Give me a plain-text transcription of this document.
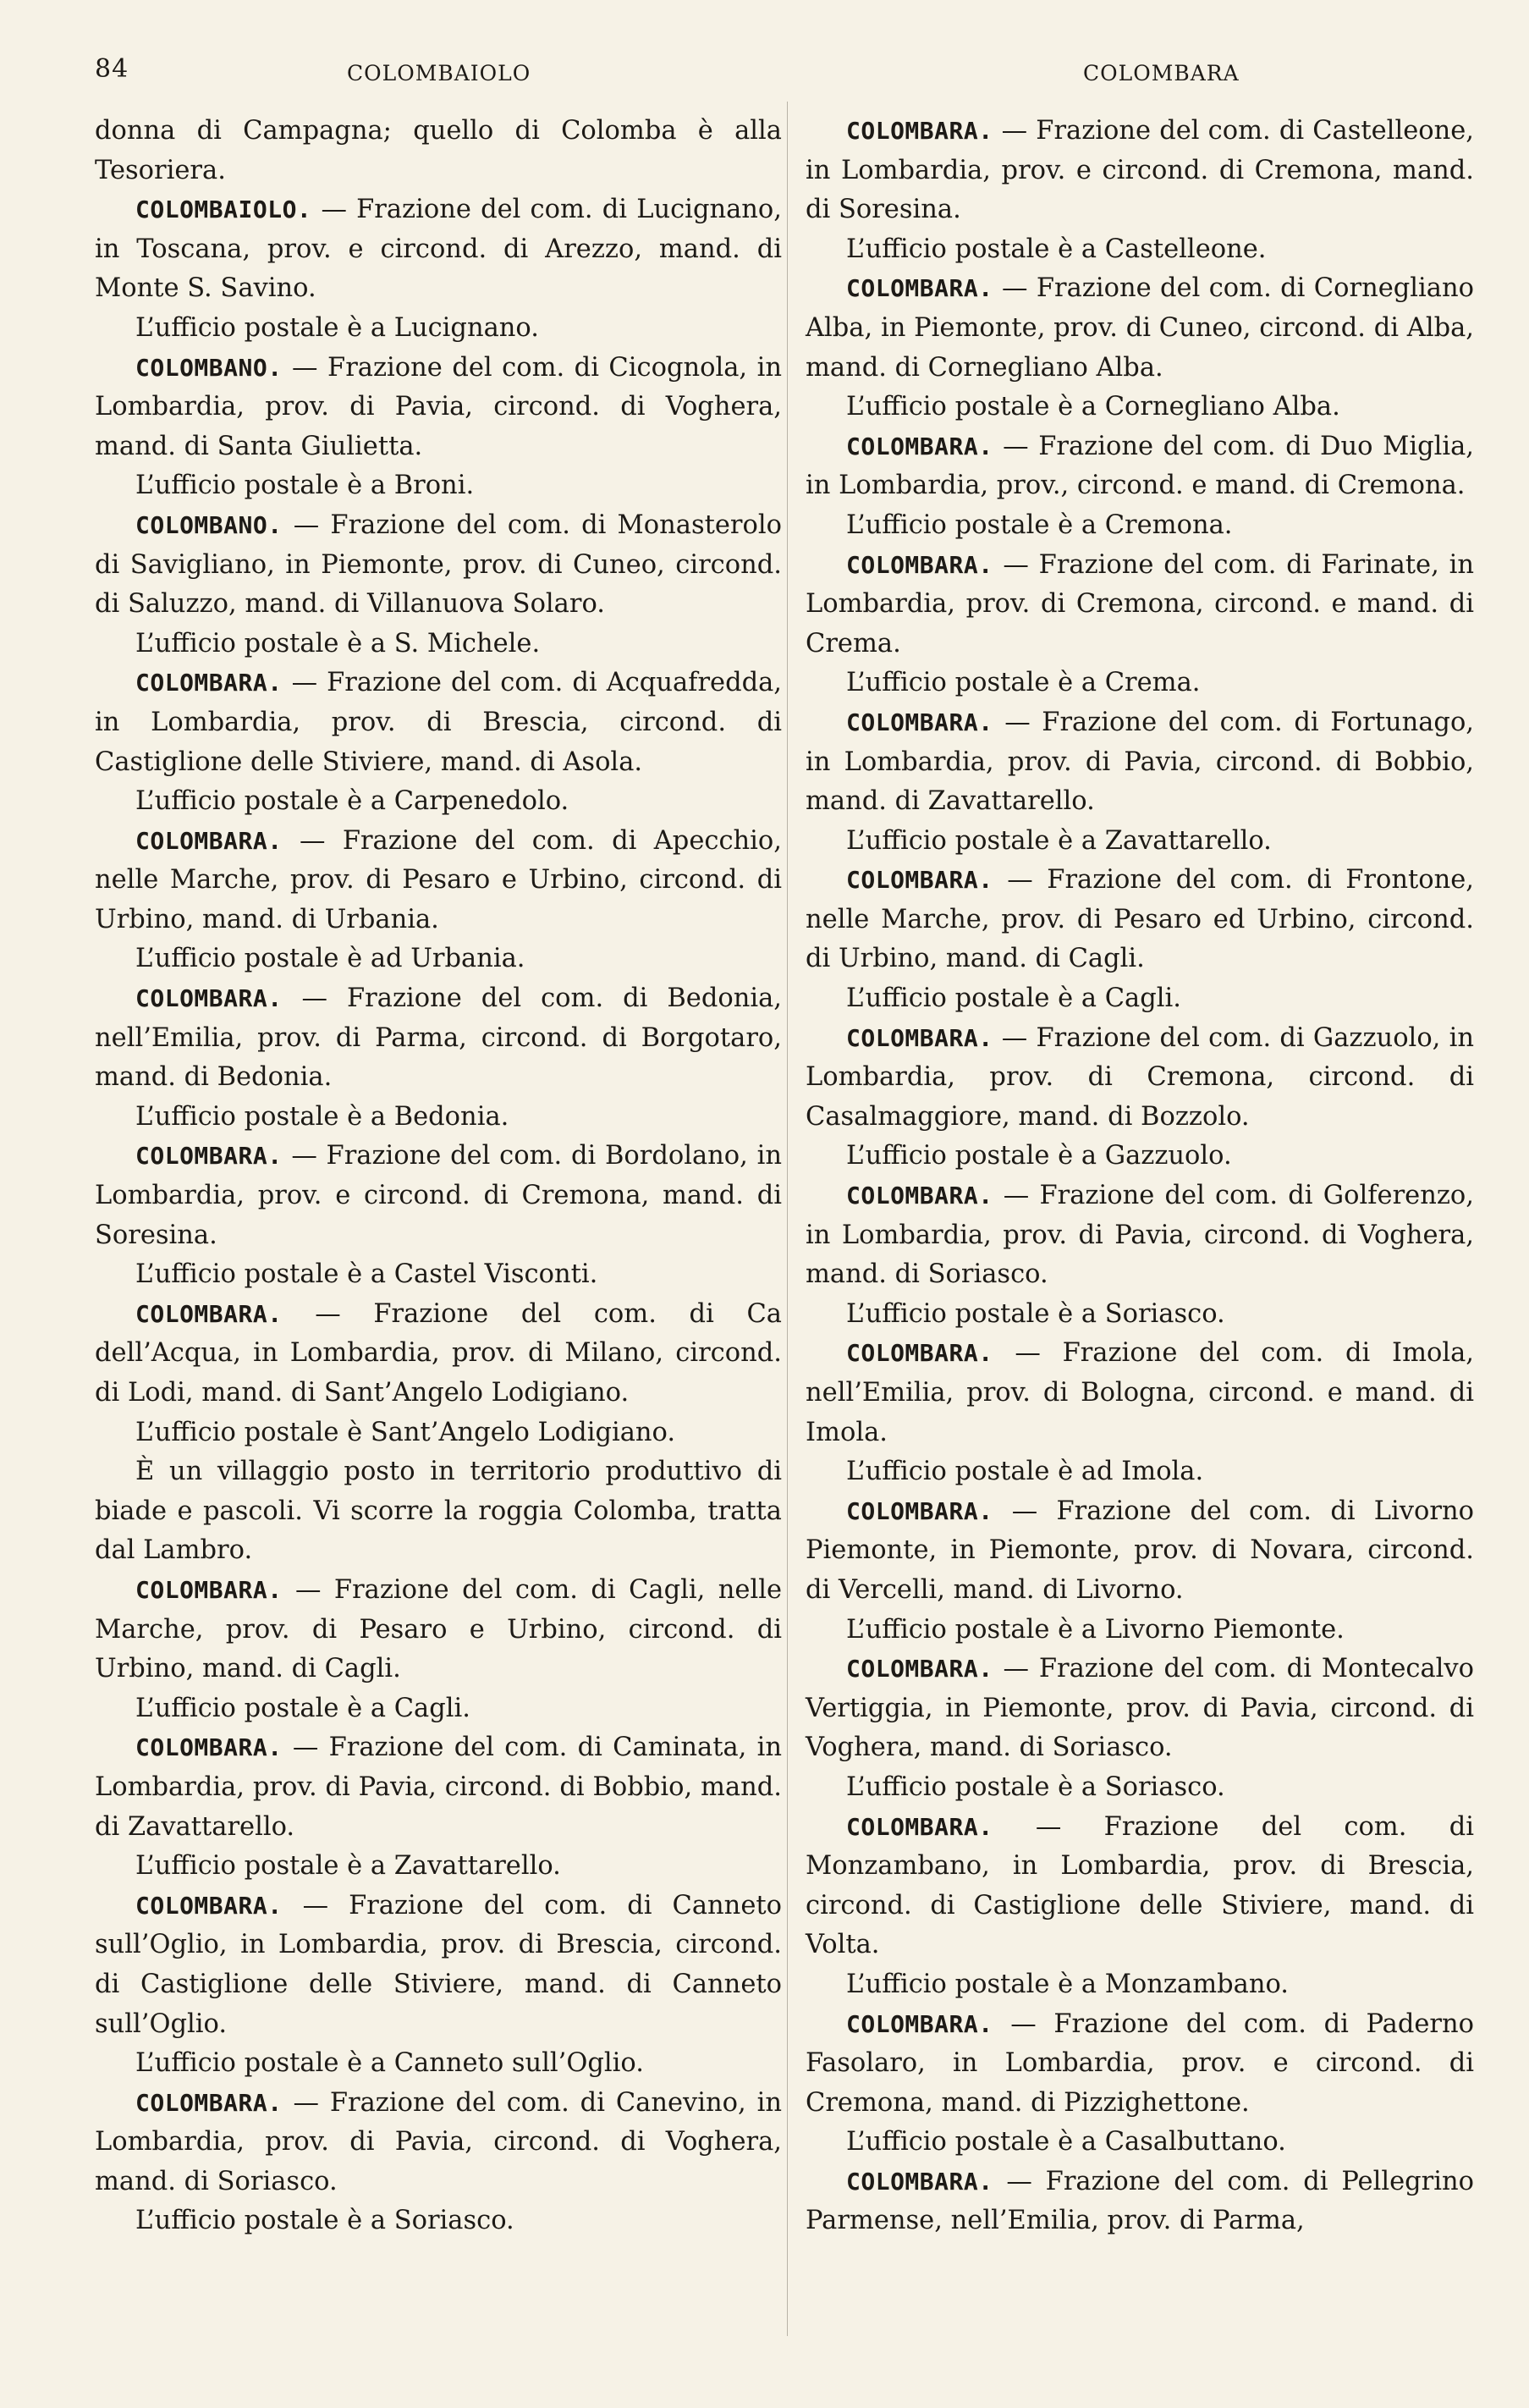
84	COLOMBAIOLO	COLOMBARA

donna di Campagna; quello di Colomba è alla Tesoriera.

COLOMBAIOLO. — Frazione del com. di Lucignano, in Toscana, prov. e circond. di Arezzo, mand. di Monte S. Savino.

L’ufficio postale è a Lucignano.

COLOMBANO. — Frazione del com. di Cicognola, in Lombardia, prov. di Pavia, circond. di Voghera, mand. di Santa Giulietta.

L’ufficio postale è a Broni.

COLOMBANO. — Frazione del com. di Monasterolo di Savigliano, in Piemonte, prov. di Cuneo, circond. di Saluzzo, mand. di Villanuova Solaro.

L’ufficio postale è a S. Michele.

COLOMBARA. — Frazione del com. di Acquafredda, in Lombardia, prov. di Brescia, circond. di Castiglione delle Stiviere, mand. di Asola.

L’ufficio postale è a Carpenedolo.

COLOMBARA. — Frazione del com. di Apecchio, nelle Marche, prov. di Pesaro e Urbino, circond. di Urbino, mand. di Urbania.

L’ufficio postale è ad Urbania.

COLOMBARA. — Frazione del com. di Bedonia, nell’Emilia, prov. di Parma, circond. di Borgotaro, mand. di Bedonia.

L’ufficio postale è a Bedonia.

COLOMBARA. — Frazione del com. di Bordolano, in Lombardia, prov. e circond. di Cremona, mand. di Soresina.

L’ufficio postale è a Castel Visconti.

COLOMBARA. — Frazione del com. di Ca dell’Acqua, in Lombardia, prov. di Milano, circond. di Lodi, mand. di Sant’Angelo Lodigiano.

L’ufficio postale è Sant’Angelo Lodigiano.

È un villaggio posto in territorio produttivo di biade e pascoli. Vi scorre la roggia Colomba, tratta dal Lambro.

COLOMBARA. — Frazione del com. di Cagli, nelle Marche, prov. di Pesaro e Urbino, circond. di Urbino, mand. di Cagli.

L’ufficio postale è a Cagli.

COLOMBARA. — Frazione del com. di Caminata, in Lombardia, prov. di Pavia, circond. di Bobbio, mand. di Zavattarello.

L’ufficio postale è a Zavattarello.

COLOMBARA. — Frazione del com. di Canneto sull’Oglio, in Lombardia, prov. di Brescia, circond. di Castiglione delle Stiviere, mand. di Canneto sull’Oglio.

L’ufficio postale è a Canneto sull’Oglio.

COLOMBARA. — Frazione del com. di Canevino, in Lombardia, prov. di Pavia, circond. di Voghera, mand. di Soriasco.

L’ufficio postale è a Soriasco.

COLOMBARA. — Frazione del com. di Castelleone, in Lombardia, prov. e circond. di Cremona, mand. di Soresina.

L’ufficio postale è a Castelleone.

COLOMBARA. — Frazione del com. di Cornegliano Alba, in Piemonte, prov. di Cuneo, circond. di Alba, mand. di Cornegliano Alba.

L’ufficio postale è a Cornegliano Alba.

COLOMBARA. — Frazione del com. di Duo Miglia, in Lombardia, prov., circond. e mand. di Cremona.

L’ufficio postale è a Cremona.

COLOMBARA. — Frazione del com. di Farinate, in Lombardia, prov. di Cremona, circond. e mand. di Crema.

L’ufficio postale è a Crema.

COLOMBARA. — Frazione del com. di Fortunago, in Lombardia, prov. di Pavia, circond. di Bobbio, mand. di Zavattarello.

L’ufficio postale è a Zavattarello.

COLOMBARA. — Frazione del com. di Frontone, nelle Marche, prov. di Pesaro ed Urbino, circond. di Urbino, mand. di Cagli.

L’ufficio postale è a Cagli.

COLOMBARA. — Frazione del com. di Gazzuolo, in Lombardia, prov. di Cremona, circond. di Casalmaggiore, mand. di Bozzolo.

L’ufficio postale è a Gazzuolo.

COLOMBARA. — Frazione del com. di Golferenzo, in Lombardia, prov. di Pavia, circond. di Voghera, mand. di Soriasco.

L’ufficio postale è a Soriasco.

COLOMBARA. — Frazione del com. di Imola, nell’Emilia, prov. di Bologna, circond. e mand. di Imola.

L’ufficio postale è ad Imola.

COLOMBARA. — Frazione del com. di Livorno Piemonte, in Piemonte, prov. di Novara, circond. di Vercelli, mand. di Livorno.

L’ufficio postale è a Livorno Piemonte.

COLOMBARA. — Frazione del com. di Montecalvo Vertiggia, in Piemonte, prov. di Pavia, circond. di Voghera, mand. di Soriasco.

L’ufficio postale è a Soriasco.

COLOMBARA. — Frazione del com. di Monzambano, in Lombardia, prov. di Brescia, circond. di Castiglione delle Stiviere, mand. di Volta.

L’ufficio postale è a Monzambano.

COLOMBARA. — Frazione del com. di Paderno Fasolaro, in Lombardia, prov. e circond. di Cremona, mand. di Pizzighettone.

L’ufficio postale è a Casalbuttano.

COLOMBARA. — Frazione del com. di Pellegrino Parmense, nell’Emilia, prov. di Parma,
